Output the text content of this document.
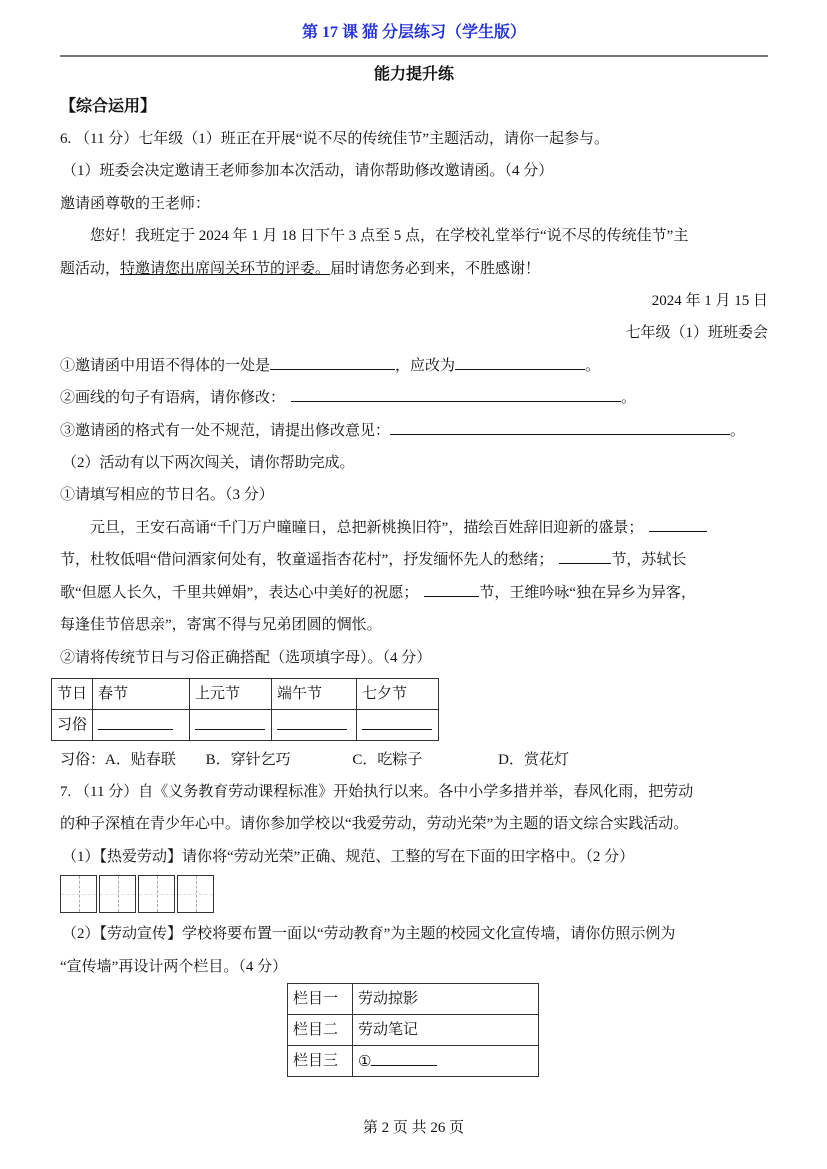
第 17 课 猫 分层练习（学生版）
能力提升练
【综合运用】
6. （11 分）七年级（1）班正在开展“说不尽的传统佳节”主题活动，请你一起参与。
（1）班委会决定邀请王老师参加本次活动，请你帮助修改邀请函。（4 分）
邀请函尊敬的王老师：
您好！我班定于 2024 年 1 月 18 日下午 3 点至 5 点，在学校礼堂举行“说不尽的传统佳节”主
题活动，特邀请您出席闯关环节的评委。届时请您务必到来，不胜感谢！
2024 年 1 月 15 日
七年级（1）班班委会
①邀请函中用语不得体的一处是	，应改为	。
②画线的句子有语病，请你修改：	。
③邀请函的格式有一处不规范，请提出修改意见：	。
（2）活动有以下两次闯关，请你帮助完成。
①请填写相应的节日名。（3 分）
元旦，王安石高诵“千门万户曈曈日，总把新桃换旧符”，描绘百姓辞旧迎新的盛景；
节，杜牧低唱“借问酒家何处有，牧童遥指杏花村”，抒发缅怀先人的愁绪；	节，苏轼长
歌“但愿人长久，千里共婵娟”，表达心中美好的祝愿；	节，王维吟咏“独在异乡为异客，
每逢佳节倍思亲”，寄寓不得与兄弟团圆的惆怅。
②请将传统节日与习俗正确搭配（选项填字母）。（4 分）
节日	春节	上元节	端午节	七夕节
习俗				
习俗：A．贴春联 B．穿针乞巧	C．吃粽子	D．赏花灯
7. （11 分）自《义务教育劳动课程标准》开始执行以来。各中小学多措并举，春风化雨，把劳动
的种子深植在青少年心中。请你参加学校以“我爱劳动，劳动光荣”为主题的语文综合实践活动。
（1）【热爱劳动】请你将“劳动光荣”正确、规范、工整的写在下面的田字格中。（2 分）
（2）【劳动宣传】学校将要布置一面以“劳动教育”为主题的校园文化宣传墙，请你仿照示例为
“宣传墙”再设计两个栏目。（4 分）
栏目一	劳动掠影
栏目二	劳动笔记
栏目三	①
第 2 页 共 26 页
